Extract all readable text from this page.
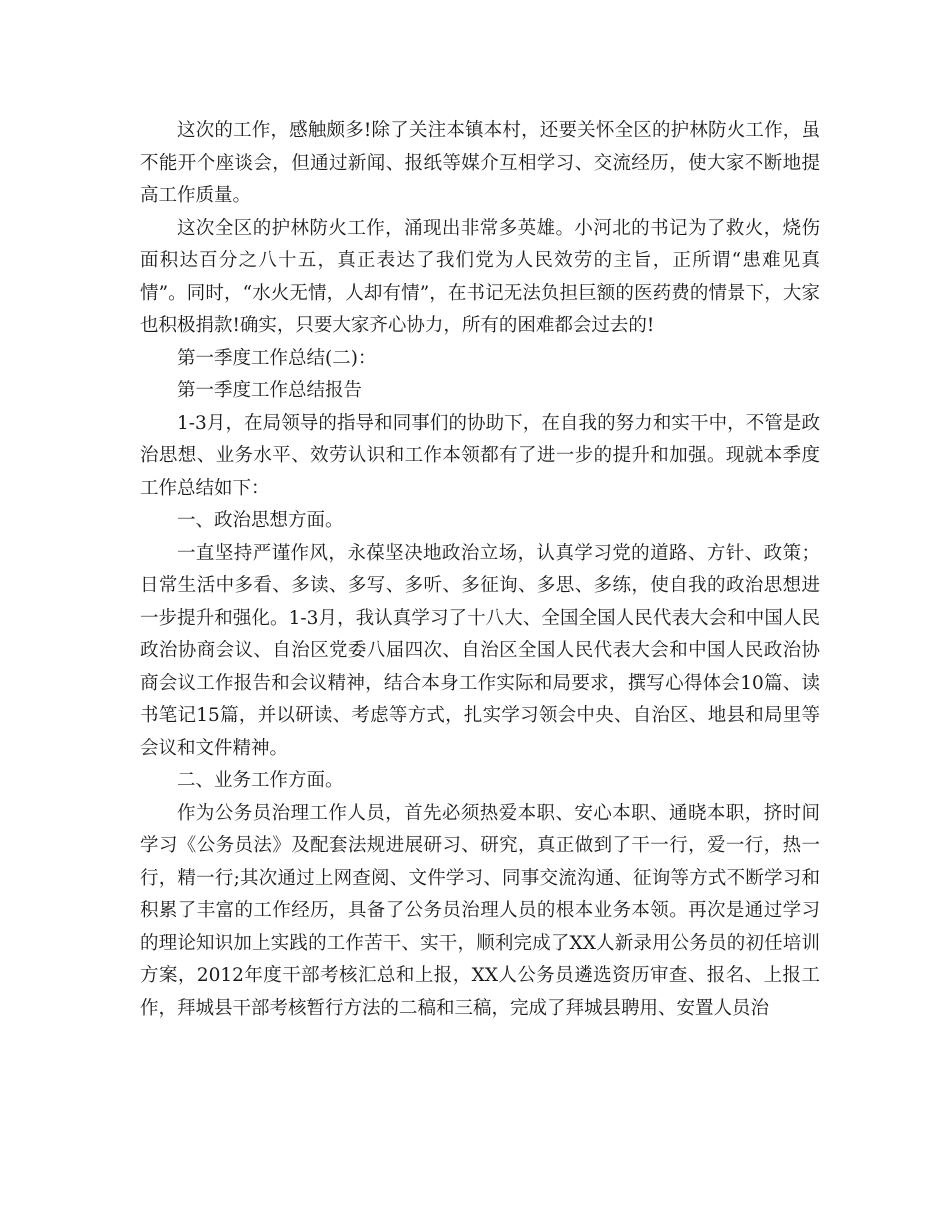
这次的工作，感触颇多!除了关注本镇本村，还要关怀全区的护林防火工作，虽不能开个座谈会，但通过新闻、报纸等媒介互相学习、交流经历，使大家不断地提高工作质量。

这次全区的护林防火工作，涌现出非常多英雄。小河北的书记为了救火，烧伤面积达百分之八十五，真正表达了我们党为人民效劳的主旨，正所谓“患难见真情”。同时，“水火无情，人却有情”，在书记无法负担巨额的医药费的情景下，大家也积极捐款!确实，只要大家齐心协力，所有的困难都会过去的!

第一季度工作总结(二)：

第一季度工作总结报告

1-3月，在局领导的指导和同事们的协助下，在自我的努力和实干中，不管是政治思想、业务水平、效劳认识和工作本领都有了进一步的提升和加强。现就本季度工作总结如下：

一、政治思想方面。

一直坚持严谨作风，永葆坚决地政治立场，认真学习党的道路、方针、政策；日常生活中多看、多读、多写、多听、多征询、多思、多练，使自我的政治思想进一步提升和强化。1-3月，我认真学习了十八大、全国全国人民代表大会和中国人民政治协商会议、自治区党委八届四次、自治区全国人民代表大会和中国人民政治协商会议工作报告和会议精神，结合本身工作实际和局要求，撰写心得体会10篇、读书笔记15篇，并以研读、考虑等方式，扎实学习领会中央、自治区、地县和局里等会议和文件精神。

二、业务工作方面。

作为公务员治理工作人员，首先必须热爱本职、安心本职、通晓本职，挤时间学习《公务员法》及配套法规进展研习、研究，真正做到了干一行，爱一行，热一行，精一行;其次通过上网查阅、文件学习、同事交流沟通、征询等方式不断学习和积累了丰富的工作经历，具备了公务员治理人员的根本业务本领。再次是通过学习的理论知识加上实践的工作苦干、实干，顺利完成了XX人新录用公务员的初任培训方案，2012年度干部考核汇总和上报，XX人公务员遴选资历审查、报名、上报工作，拜城县干部考核暂行方法的二稿和三稿，完成了拜城县聘用、安置人员治
